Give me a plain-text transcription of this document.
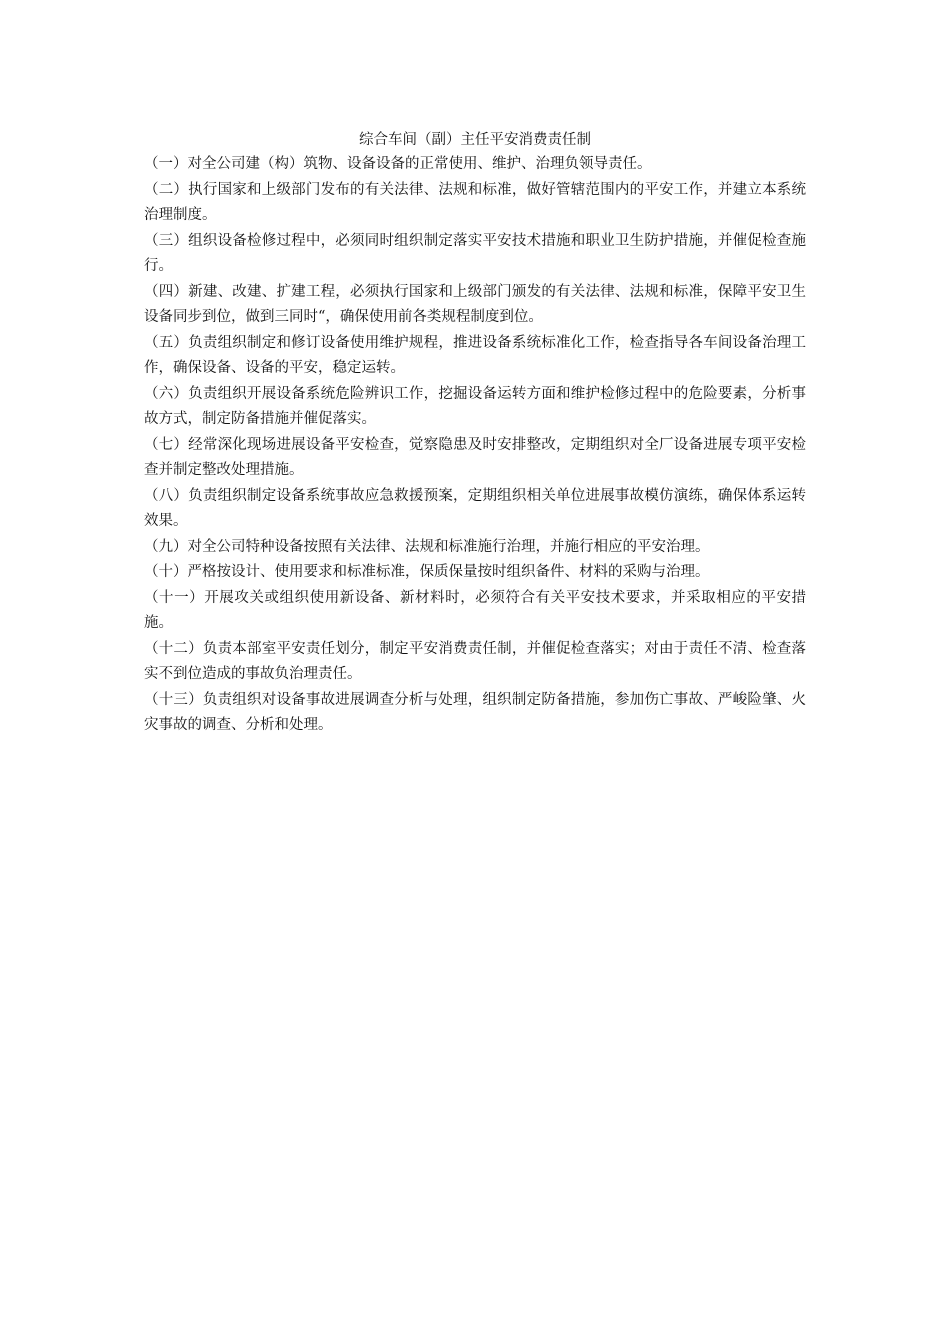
综合车间（副）主任平安消费责任制

（一）对全公司建（构）筑物、设备设备的正常使用、维护、治理负领导责任。

（二）执行国家和上级部门发布的有关法律、法规和标准，做好管辖范围内的平安工作，并建立本系统治理制度。

（三）组织设备检修过程中，必须同时组织制定落实平安技术措施和职业卫生防护措施，并催促检查施行。

（四）新建、改建、扩建工程，必须执行国家和上级部门颁发的有关法律、法规和标准，保障平安卫生设备同步到位，做到三同时“，确保使用前各类规程制度到位。

（五）负责组织制定和修订设备使用维护规程，推进设备系统标准化工作，检查指导各车间设备治理工作，确保设备、设备的平安，稳定运转。

（六）负责组织开展设备系统危险辨识工作，挖掘设备运转方面和维护检修过程中的危险要素，分析事故方式，制定防备措施并催促落实。

（七）经常深化现场进展设备平安检查，觉察隐患及时安排整改，定期组织对全厂设备进展专项平安检查并制定整改处理措施。

（八）负责组织制定设备系统事故应急救援预案，定期组织相关单位进展事故模仿演练，确保体系运转效果。

（九）对全公司特种设备按照有关法律、法规和标准施行治理，并施行相应的平安治理。

（十）严格按设计、使用要求和标准标准，保质保量按时组织备件、材料的采购与治理。

（十一）开展攻关或组织使用新设备、新材料时，必须符合有关平安技术要求，并采取相应的平安措施。

（十二）负责本部室平安责任划分，制定平安消费责任制，并催促检查落实；对由于责任不清、检查落实不到位造成的事故负治理责任。

（十三）负责组织对设备事故进展调查分析与处理，组织制定防备措施，参加伤亡事故、严峻险肇、火灾事故的调查、分析和处理。
